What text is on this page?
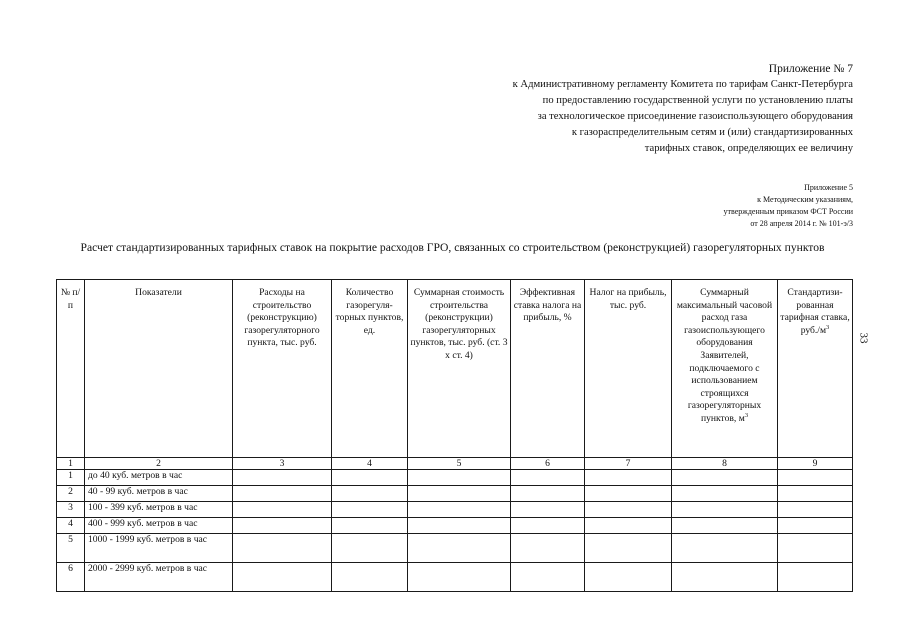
Приложение № 7
к Административному регламенту Комитета по тарифам Санкт-Петербурга
по предоставлению государственной услуги по установлению платы
за технологическое присоединение газоиспользующего оборудования
к газораспределительным сетям и (или) стандартизированных
тарифных ставок, определяющих ее величину
Приложение 5
к Методическим указаниям,
утвержденным приказом ФСТ России
от 28 апреля 2014 г. № 101-э/3
Расчет стандартизированных тарифных ставок на покрытие расходов ГРО, связанных со строительством (реконструкцией) газорегуляторных пунктов
33
№ п/п	Показатели	Расходы на строительство (реконструкцию) газорегуляторного пункта, тыс. руб.	Количество газорегуля-торных пунктов, ед.	Суммарная стоимость строительства (реконструкции) газорегуляторных пунктов, тыс. руб. (ст. 3 х ст. 4)	Эффективная ставка налога на прибыль, %	Налог на прибыль, тыс. руб.	Суммарный максимальный часовой расход газа газоиспользующего оборудования Заявителей, подключаемого с использованием строящихся газорегуляторных пунктов, $м^3$	Стандартизи-рованная тарифная ставка, $руб./м^3$
1	2	3	4	5	6	7	8	9
1	до 40 куб. метров в час							
2	40 - 99 куб. метров в час							
3	100 - 399 куб. метров в час							
4	400 - 999 куб. метров в час							
5	1000 - 1999 куб. метров в час							
6	2000 - 2999 куб. метров в час							
